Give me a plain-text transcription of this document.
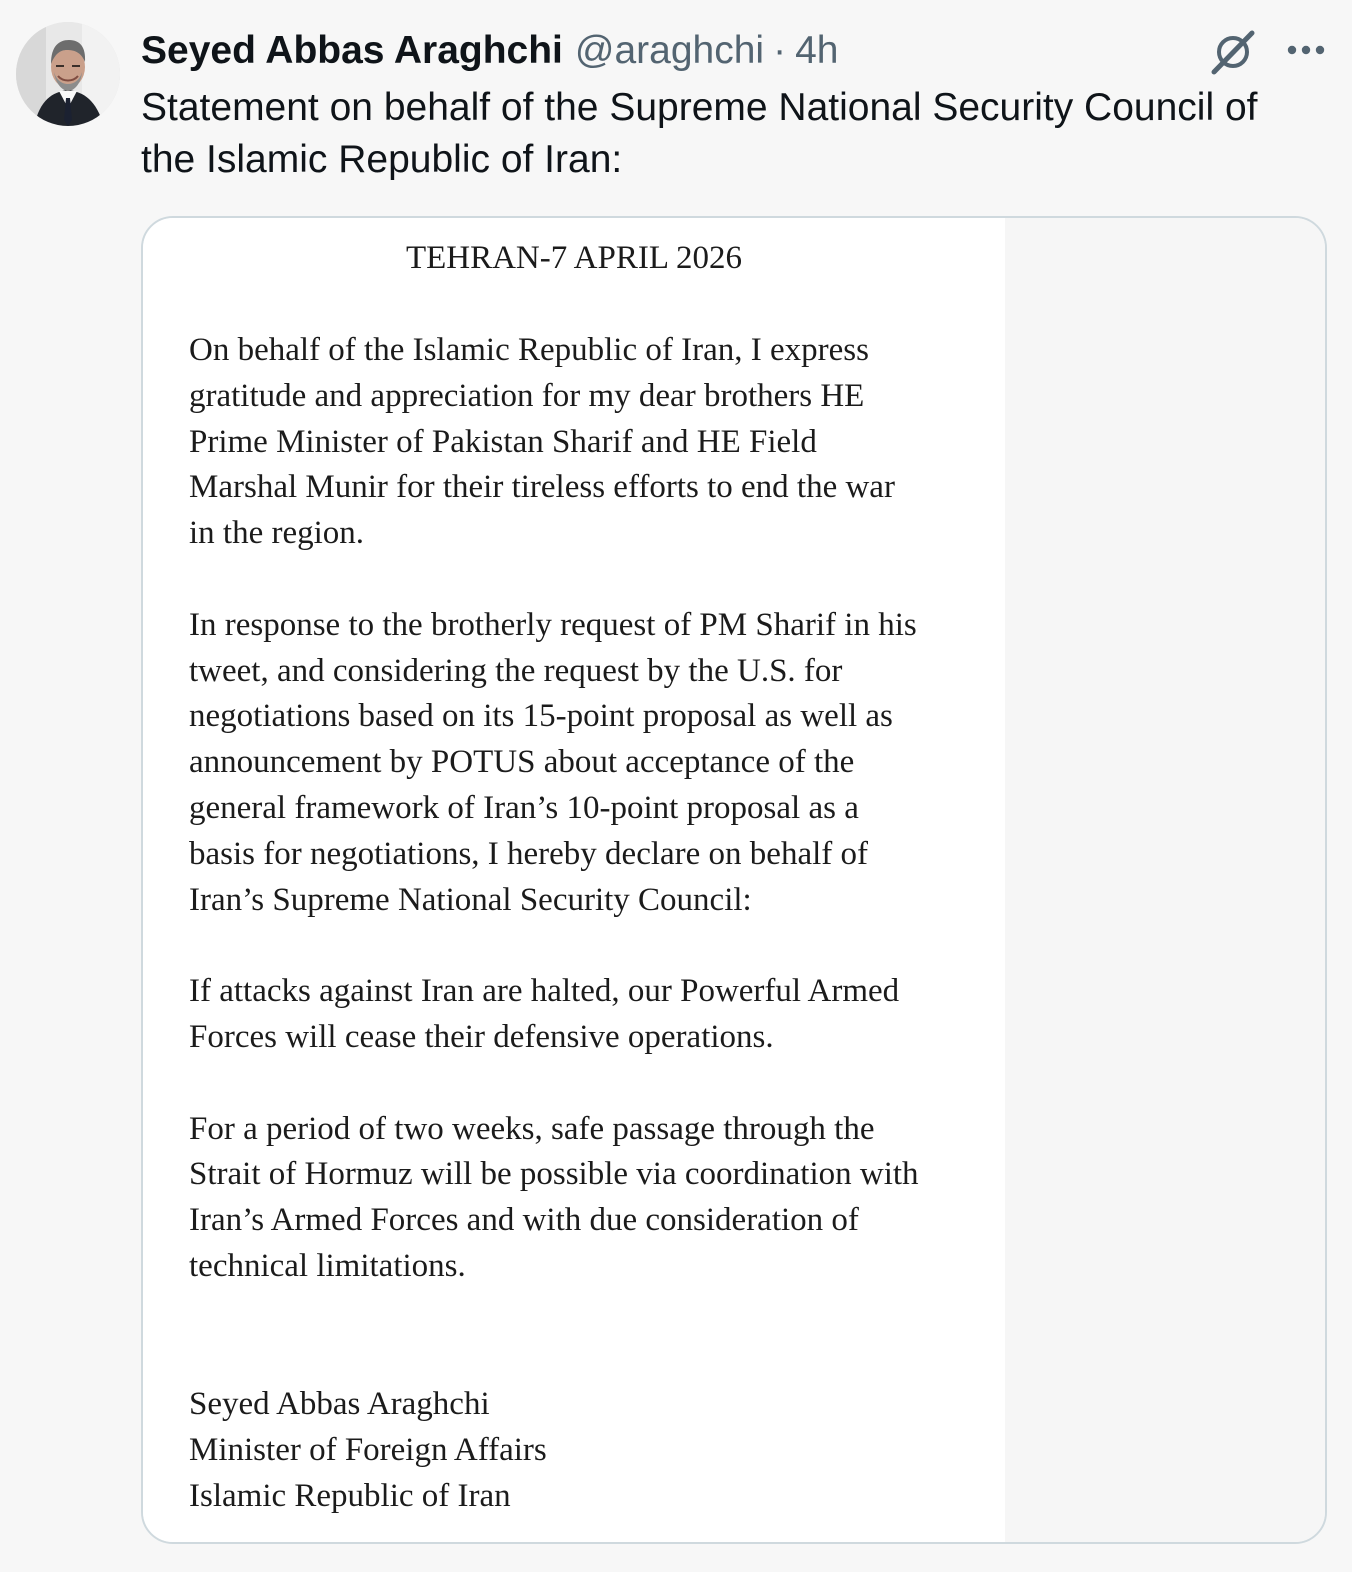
Seyed Abbas Araghchi @araghchi · 4h

Statement on behalf of the Supreme National Security Council of the Islamic Republic of Iran:

TEHRAN-7 APRIL 2026

On behalf of the Islamic Republic of Iran, I express
gratitude and appreciation for my dear brothers HE
Prime Minister of Pakistan Sharif and HE Field
Marshal Munir for their tireless efforts to end the war
in the region.

In response to the brotherly request of PM Sharif in his
tweet, and considering the request by the U.S. for
negotiations based on its 15-point proposal as well as
announcement by POTUS about acceptance of the
general framework of Iran’s 10-point proposal as a
basis for negotiations, I hereby declare on behalf of
Iran’s Supreme National Security Council:

If attacks against Iran are halted, our Powerful Armed
Forces will cease their defensive operations.

For a period of two weeks, safe passage through the
Strait of Hormuz will be possible via coordination with
Iran’s Armed Forces and with due consideration of
technical limitations.

Seyed Abbas Araghchi
Minister of Foreign Affairs
Islamic Republic of Iran
